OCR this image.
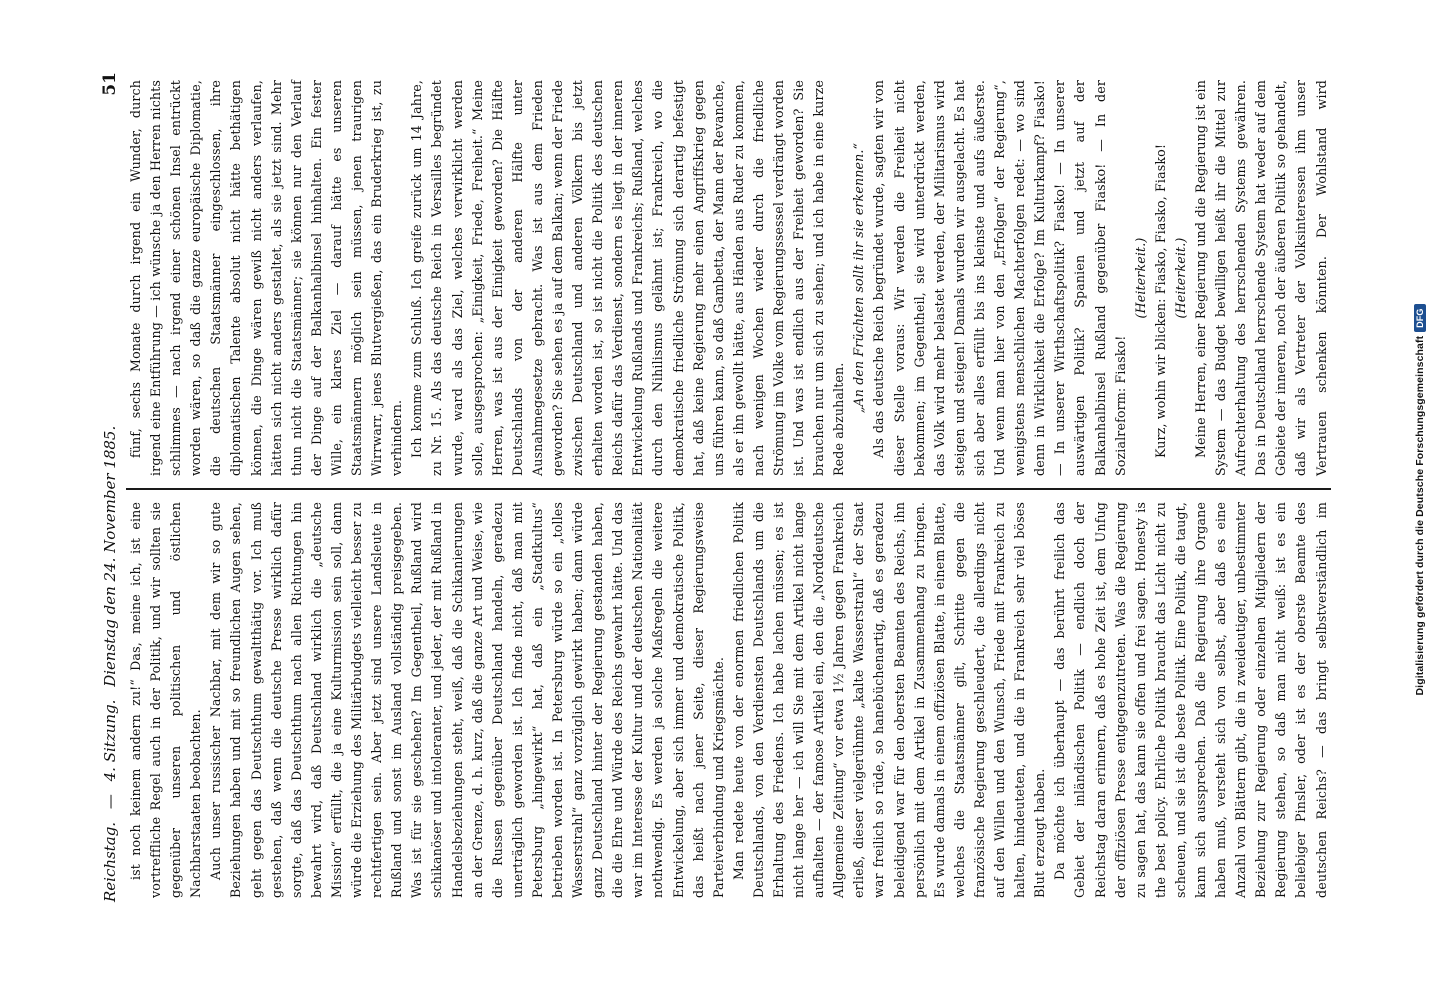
Reichstag. — 4. Sitzung. Dienstag den 24. November 1885.
51

ist noch keinem andern zu!“ Das, meine ich, ist eine vortreffliche Regel auch in der Politik, und wir sollten sie gegenüber unseren politischen und östlichen Nachbarstaaten beobachten. Auch unser russischer Nachbar, mit dem wir so gute Beziehungen haben und mit so freundlichen Augen sehen, geht gegen das Deutschthum gewaltthätig vor. Ich muß gestehen, daß wenn die deutsche Presse wirklich dafür sorgte, daß das Deutschthum nach allen Richtungen hin bewahrt wird, daß Deutschland wirklich die „deutsche Mission“ erfüllt, die ja eine Kulturmission sein soll, dann würde die Erziehung des Militärbudgets vielleicht besser zu rechtfertigen sein. Aber jetzt sind unsere Landsleute in Rußland und sonst im Ausland vollständig preisgegeben. Was ist für sie geschehen? Im Gegentheil, Rußland wird schikanöser und intoleranter, und jeder, der mit Rußland in Handelsbeziehungen steht, weiß, daß die Schikanierungen an der Grenze, d. h. kurz, daß die ganze Art und Weise, wie die Russen gegenüber Deutschland handeln, geradezu unerträglich geworden ist. Ich finde nicht, daß man mit Petersburg „hingewirkt“ hat, daß ein „Stadtkultus“ betrieben worden ist. In Petersburg würde so ein „tolles Wasserstrahl“ ganz vorzüglich gewirkt haben; dann würde ganz Deutschland hinter der Regierung gestanden haben, die die Ehre und Würde des Reichs gewahrt hätte. Und das war im Interesse der Kultur und der deutschen Nationalität nothwendig. Es werden ja solche Maßregeln die weitere Entwickelung, aber sich immer und demokratische Politik, das heißt nach jener Seite, dieser Regierungsweise Parteiverbindung und Kriegsmächte. Man redete heute von der enormen friedlichen Politik Deutschlands, von den Verdiensten Deutschlands um die Erhaltung des Friedens. Ich habe lachen müssen; es ist nicht lange her — ich will Sie mit dem Artikel nicht lange aufhalten — der famose Artikel ein, den die „Norddeutsche Allgemeine Zeitung“ vor etwa 1½ Jahren gegen Frankreich erließ, dieser vielgerühmte „kalte Wasserstrahl“ der Staat war freilich so rüde, so hanebüchenartig, daß es geradezu beleidigend war für den obersten Beamten des Reichs, ihn persönlich mit dem Artikel in Zusammenhang zu bringen. Es wurde damals in einem offiziösen Blatte, in einem Blatte, welches die Staatsmänner gilt, Schritte gegen die französische Regierung geschleudert, die allerdings nicht auf den Willen und den Wunsch, Friede mit Frankreich zu halten, hindeuteten, und die in Frankreich sehr viel böses Blut erzeugt haben. Da möchte ich überhaupt — das berührt freilich das Gebiet der inländischen Politik — endlich doch der Reichstag daran erinnern, daß es hohe Zeit ist, dem Unfug der offiziösen Presse entgegenzutreten. Was die Regierung zu sagen hat, das kann sie offen und frei sagen. Honesty is the best policy. Ehrliche Politik braucht das Licht nicht zu scheuen, und sie ist die beste Politik. Eine Politik, die taugt, kann sich aussprechen. Daß die Regierung ihre Organe haben muß, versteht sich von selbst, aber daß es eine Anzahl von Blättern gibt, die in zweideutiger, unbestimmter Beziehung zur Regierung oder einzelnen Mitgliedern der Regierung stehen, so daß man nicht weiß: ist es ein beliebiger Pinsler, oder ist es der oberste Beamte des deutschen Reichs? — das bringt selbstverständlich im

fünf, sechs Monate durch irgend ein Wunder, durch irgend eine Entführung — ich wünsche ja den Herren nichts schlimmes — nach irgend einer schönen Insel entrückt worden wären, so daß die ganze europäische Diplomatie, die deutschen Staatsmänner eingeschlossen, ihre diplomatischen Talente absolut nicht hätte bethätigen können, die Dinge wären gewiß nicht anders verlaufen, hätten sich nicht anders gestaltet, als sie jetzt sind. Mehr thun nicht die Staatsmänner; sie können nur den Verlauf der Dinge auf der Balkanhalbinsel hinhalten. Ein fester Wille, ein klares Ziel — darauf hätte es unseren Staatsmännern möglich sein müssen, jenen traurigen Wirrwarr, jenes Blutvergießen, das ein Bruderkrieg ist, zu verhindern. Ich komme zum Schluß. Ich greife zurück um 14 Jahre, zu Nr. 15. Als das deutsche Reich in Versailles begründet wurde, ward als das Ziel, welches verwirklicht werden solle, ausgesprochen: „Einigkeit, Friede, Freiheit.“ Meine Herren, was ist aus der Einigkeit geworden? Die Hälfte Deutschlands von der anderen Hälfte unter Ausnahmegesetze gebracht. Was ist aus dem Frieden geworden? Sie sehen es ja auf dem Balkan; wenn der Friede zwischen Deutschland und anderen Völkern bis jetzt erhalten worden ist, so ist nicht die Politik des deutschen Reichs dafür das Verdienst, sondern es liegt in der inneren Entwickelung Rußlands und Frankreichs; Rußland, welches durch den Nihilismus gelähmt ist; Frankreich, wo die demokratische friedliche Strömung sich derartig befestigt hat, daß keine Regierung mehr einen Angriffskrieg gegen uns führen kann, so daß Gambetta, der Mann der Revanche, als er ihn gewollt hätte, aus Händen aus Ruder zu kommen, nach wenigen Wochen wieder durch die friedliche Strömung im Volke vom Regierungssessel verdrängt worden ist. Und was ist endlich aus der Freiheit geworden? Sie brauchen nur um sich zu sehen; und ich habe in eine kurze Rede abzuhalten.

„An den Früchten sollt ihr sie erkennen.“ Als das deutsche Reich begründet wurde, sagten wir von dieser Stelle voraus: Wir werden die Freiheit nicht bekommen; im Gegentheil, sie wird unterdrückt werden, das Volk wird mehr belastet werden, der Militarismus wird steigen und steigen! Damals wurden wir ausgelacht. Es hat sich aber alles erfüllt bis ins kleinste und aufs äußerste. Und wenn man hier von den „Erfolgen“ der Regierung“, wenigstens menschlichen Machterfolgen redet: — wo sind denn in Wirklichkeit die Erfolge? Im Kulturkampf? Fiasko! — In unserer Wirthschaftspolitik? Fiasko! — In unserer auswärtigen Politik? Spanien und jetzt auf der Balkanhalbinsel Rußland gegenüber Fiasko! — In der Sozialreform: Fiasko!

(Heiterkeit.) Kurz, wohin wir blicken: Fiasko, Fiasko, Fiasko! (Heiterkeit.)

Meine Herren, einer Regierung und die Regierung ist ein System — das Budget bewilligen heißt ihr die Mittel zur Aufrechterhaltung des herrschenden Systems gewähren. Das in Deutschland herrschende System hat weder auf dem Gebiete der inneren, noch der äußeren Politik so gehandelt, daß wir als Vertreter der Volksinteressen ihm unser Vertrauen schenken könnten. Der Wohlstand wird

Digitalisierung gefördert durch die Deutsche Forschungsgemeinschaft
DFG
